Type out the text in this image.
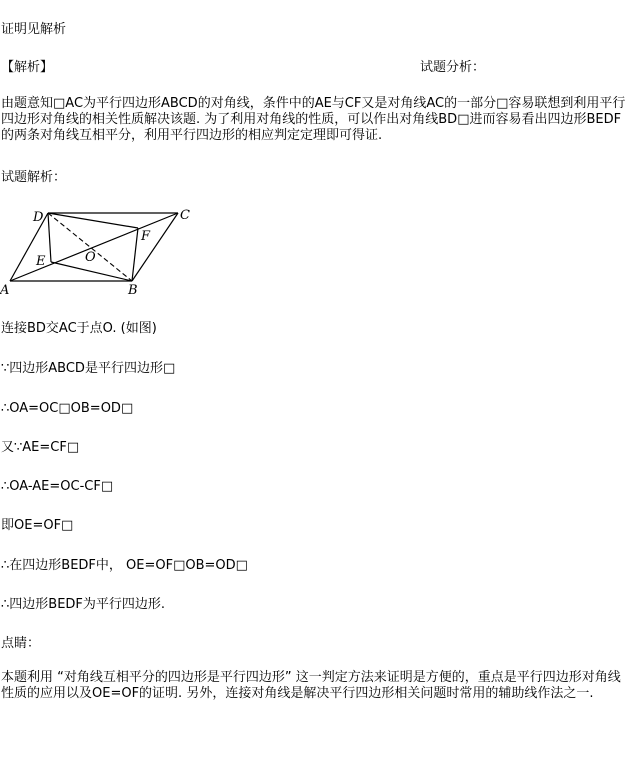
证明见解析
【解析】	试题分析：
由题意知□AC为平行四边形ABCD的对角线，条件中的AE与CF又是对角线AC的一部分□容易联想到利用平行四边形对角线的相关性质解决该题. 为了利用对角线的性质，可以作出对角线BD□进而容易看出四边形BEDF的两条对角线互相平分，利用平行四边形的相应判定定理即可得证.
试题解析：
A	B
C
D
E
F
O
连接BD交AC于点O. (如图)
∵四边形ABCD是平行四边形□
∴OA=OC□OB=OD□
又∵AE=CF□
∴OA-AE=OC-CF□
即OE=OF□
∴在四边形BEDF中， OE=OF□OB=OD□
∴四边形BEDF为平行四边形.
点睛：
本题利用 “对角线互相平分的四边形是平行四边形” 这一判定方法来证明是方便的，重点是平行四边形对角线性质的应用以及OE=OF的证明. 另外，连接对角线是解决平行四边形相关问题时常用的辅助线作法之一.
